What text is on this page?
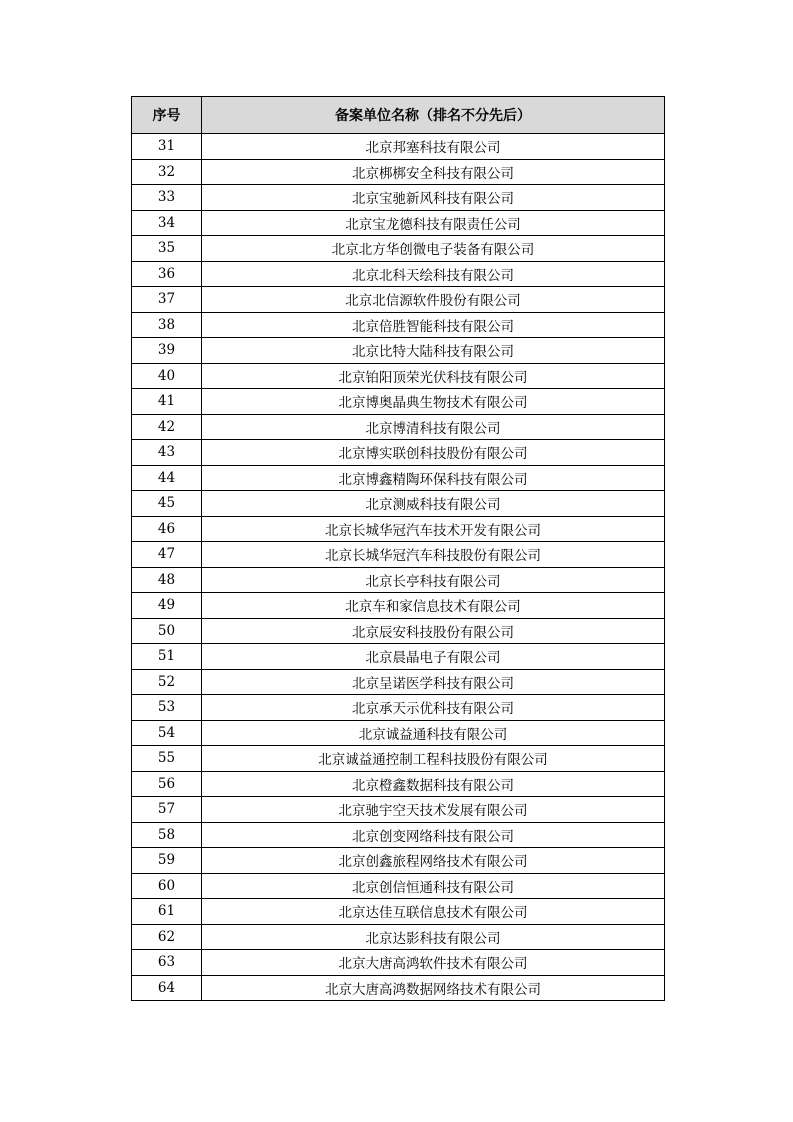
序号	备案单位名称（排名不分先后）
31	北京邦塞科技有限公司
32	北京梆梆安全科技有限公司
33	北京宝驰新风科技有限公司
34	北京宝龙德科技有限责任公司
35	北京北方华创微电子装备有限公司
36	北京北科天绘科技有限公司
37	北京北信源软件股份有限公司
38	北京倍胜智能科技有限公司
39	北京比特大陆科技有限公司
40	北京铂阳顶荣光伏科技有限公司
41	北京博奥晶典生物技术有限公司
42	北京博清科技有限公司
43	北京博实联创科技股份有限公司
44	北京博鑫精陶环保科技有限公司
45	北京测威科技有限公司
46	北京长城华冠汽车技术开发有限公司
47	北京长城华冠汽车科技股份有限公司
48	北京长亭科技有限公司
49	北京车和家信息技术有限公司
50	北京辰安科技股份有限公司
51	北京晨晶电子有限公司
52	北京呈诺医学科技有限公司
53	北京承天示优科技有限公司
54	北京诚益通科技有限公司
55	北京诚益通控制工程科技股份有限公司
56	北京橙鑫数据科技有限公司
57	北京驰宇空天技术发展有限公司
58	北京创变网络科技有限公司
59	北京创鑫旅程网络技术有限公司
60	北京创信恒通科技有限公司
61	北京达佳互联信息技术有限公司
62	北京达影科技有限公司
63	北京大唐高鸿软件技术有限公司
64	北京大唐高鸿数据网络技术有限公司
